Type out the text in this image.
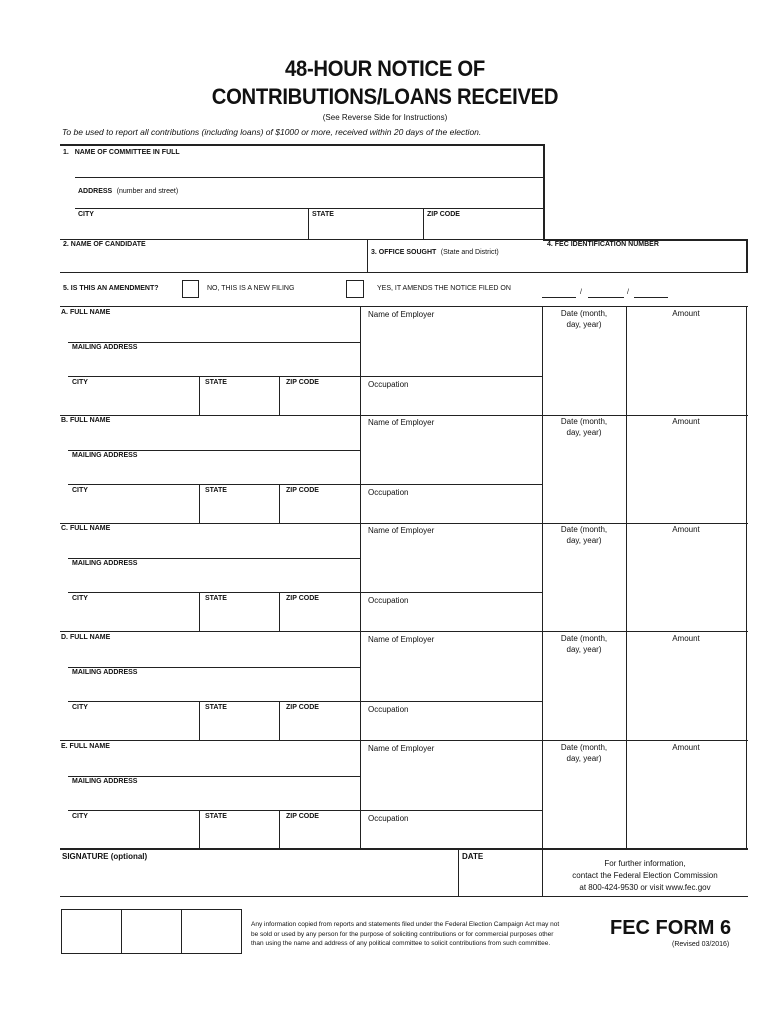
48-HOUR NOTICE OF
CONTRIBUTIONS/LOANS RECEIVED
(See Reverse Side for Instructions)
To be used to report all contributions (including loans) of $1000 or more, received within 20 days of the election.
1. NAME OF COMMITTEE IN FULL
ADDRESS (number and street)
CITY	STATE	ZIP CODE
2. NAME OF CANDIDATE
3. OFFICE SOUGHT (State and District)
4. FEC IDENTIFICATION NUMBER
5. IS THIS AN AMENDMENT?	NO, THIS IS A NEW FILING	YES, IT AMENDS THE NOTICE FILED ON
/	/
A. FULL NAME
MAILING ADDRESS
CITY	STATE	ZIP CODE
Name of Employer
Occupation
Date (month,
day, year)
Amount
B. FULL NAME
MAILING ADDRESS
CITY	STATE	ZIP CODE
Name of Employer
Occupation
Date (month,
day, year)
Amount
C. FULL NAME
MAILING ADDRESS
CITY	STATE	ZIP CODE
Name of Employer
Occupation
Date (month,
day, year)
Amount
D. FULL NAME
MAILING ADDRESS
CITY	STATE	ZIP CODE
Name of Employer
Occupation
Date (month,
day, year)
Amount
E. FULL NAME
MAILING ADDRESS
CITY	STATE	ZIP CODE
Name of Employer
Occupation
Date (month,
day, year)
Amount
SIGNATURE (optional)	DATE
For further information,
contact the Federal Election Commission
at 800-424-9530 or visit www.fec.gov
Any information copied from reports and statements filed under the Federal Election Campaign Act may not
be sold or used by any person for the purpose of soliciting contributions or for commercial purposes other
than using the name and address of any political committee to solicit contributions from such committee.
FEC FORM 6
(Revised 03/2016)
